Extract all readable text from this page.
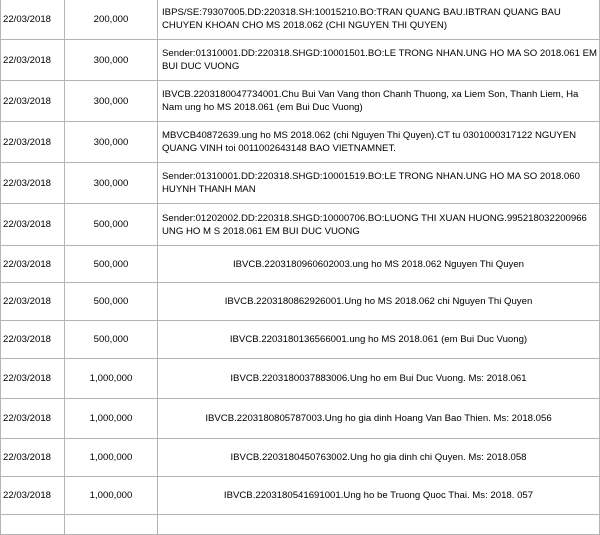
22/03/2018	200,000	IBPS/SE:79307005.DD:220318.SH:10015210.BO:TRAN QUANG BAU.IBTRAN QUANG BAU CHUYEN KHOAN CHO MS 2018.062 (CHI NGUYEN THI QUYEN)
22/03/2018	300,000	Sender:01310001.DD:220318.SHGD:10001501.BO:LE TRONG NHAN.UNG HO MA SO 2018.061 EM BUI DUC VUONG
22/03/2018	300,000	IBVCB.2203180047734001.Chu Bui Van Vang thon Chanh Thuong, xa Liem Son, Thanh Liem, Ha Nam ung ho MS 2018.061 (em Bui Duc Vuong)
22/03/2018	300,000	MBVCB40872639.ung ho MS 2018.062 (chi Nguyen Thi Quyen).CT tu 0301000317122 NGUYEN QUANG VINH toi 0011002643148 BAO VIETNAMNET.
22/03/2018	300,000	Sender:01310001.DD:220318.SHGD:10001519.BO:LE TRONG NHAN.UNG HO MA SO 2018.060 HUYNH THANH MAN
22/03/2018	500,000	Sender:01202002.DD:220318.SHGD:10000706.BO:LUONG THI XUAN HUONG.995218032200966 UNG HO M S 2018.061 EM BUI DUC VUONG
22/03/2018	500,000	IBVCB.2203180960602003.ung ho MS 2018.062 Nguyen Thi Quyen
22/03/2018	500,000	IBVCB.2203180862926001.Ung ho MS 2018.062 chi Nguyen Thi Quyen
22/03/2018	500,000	IBVCB.2203180136566001.ung ho MS 2018.061 (em Bui Duc Vuong)
22/03/2018	1,000,000	IBVCB.2203180037883006.Ung ho em Bui Duc Vuong. Ms: 2018.061
22/03/2018	1,000,000	IBVCB.2203180805787003.Ung ho gia dinh Hoang Van Bao Thien. Ms: 2018.056
22/03/2018	1,000,000	IBVCB.2203180450763002.Ung ho gia dinh chi Quyen. Ms: 2018.058
22/03/2018	1,000,000	IBVCB.2203180541691001.Ung ho be Truong Quoc Thai. Ms: 2018. 057
